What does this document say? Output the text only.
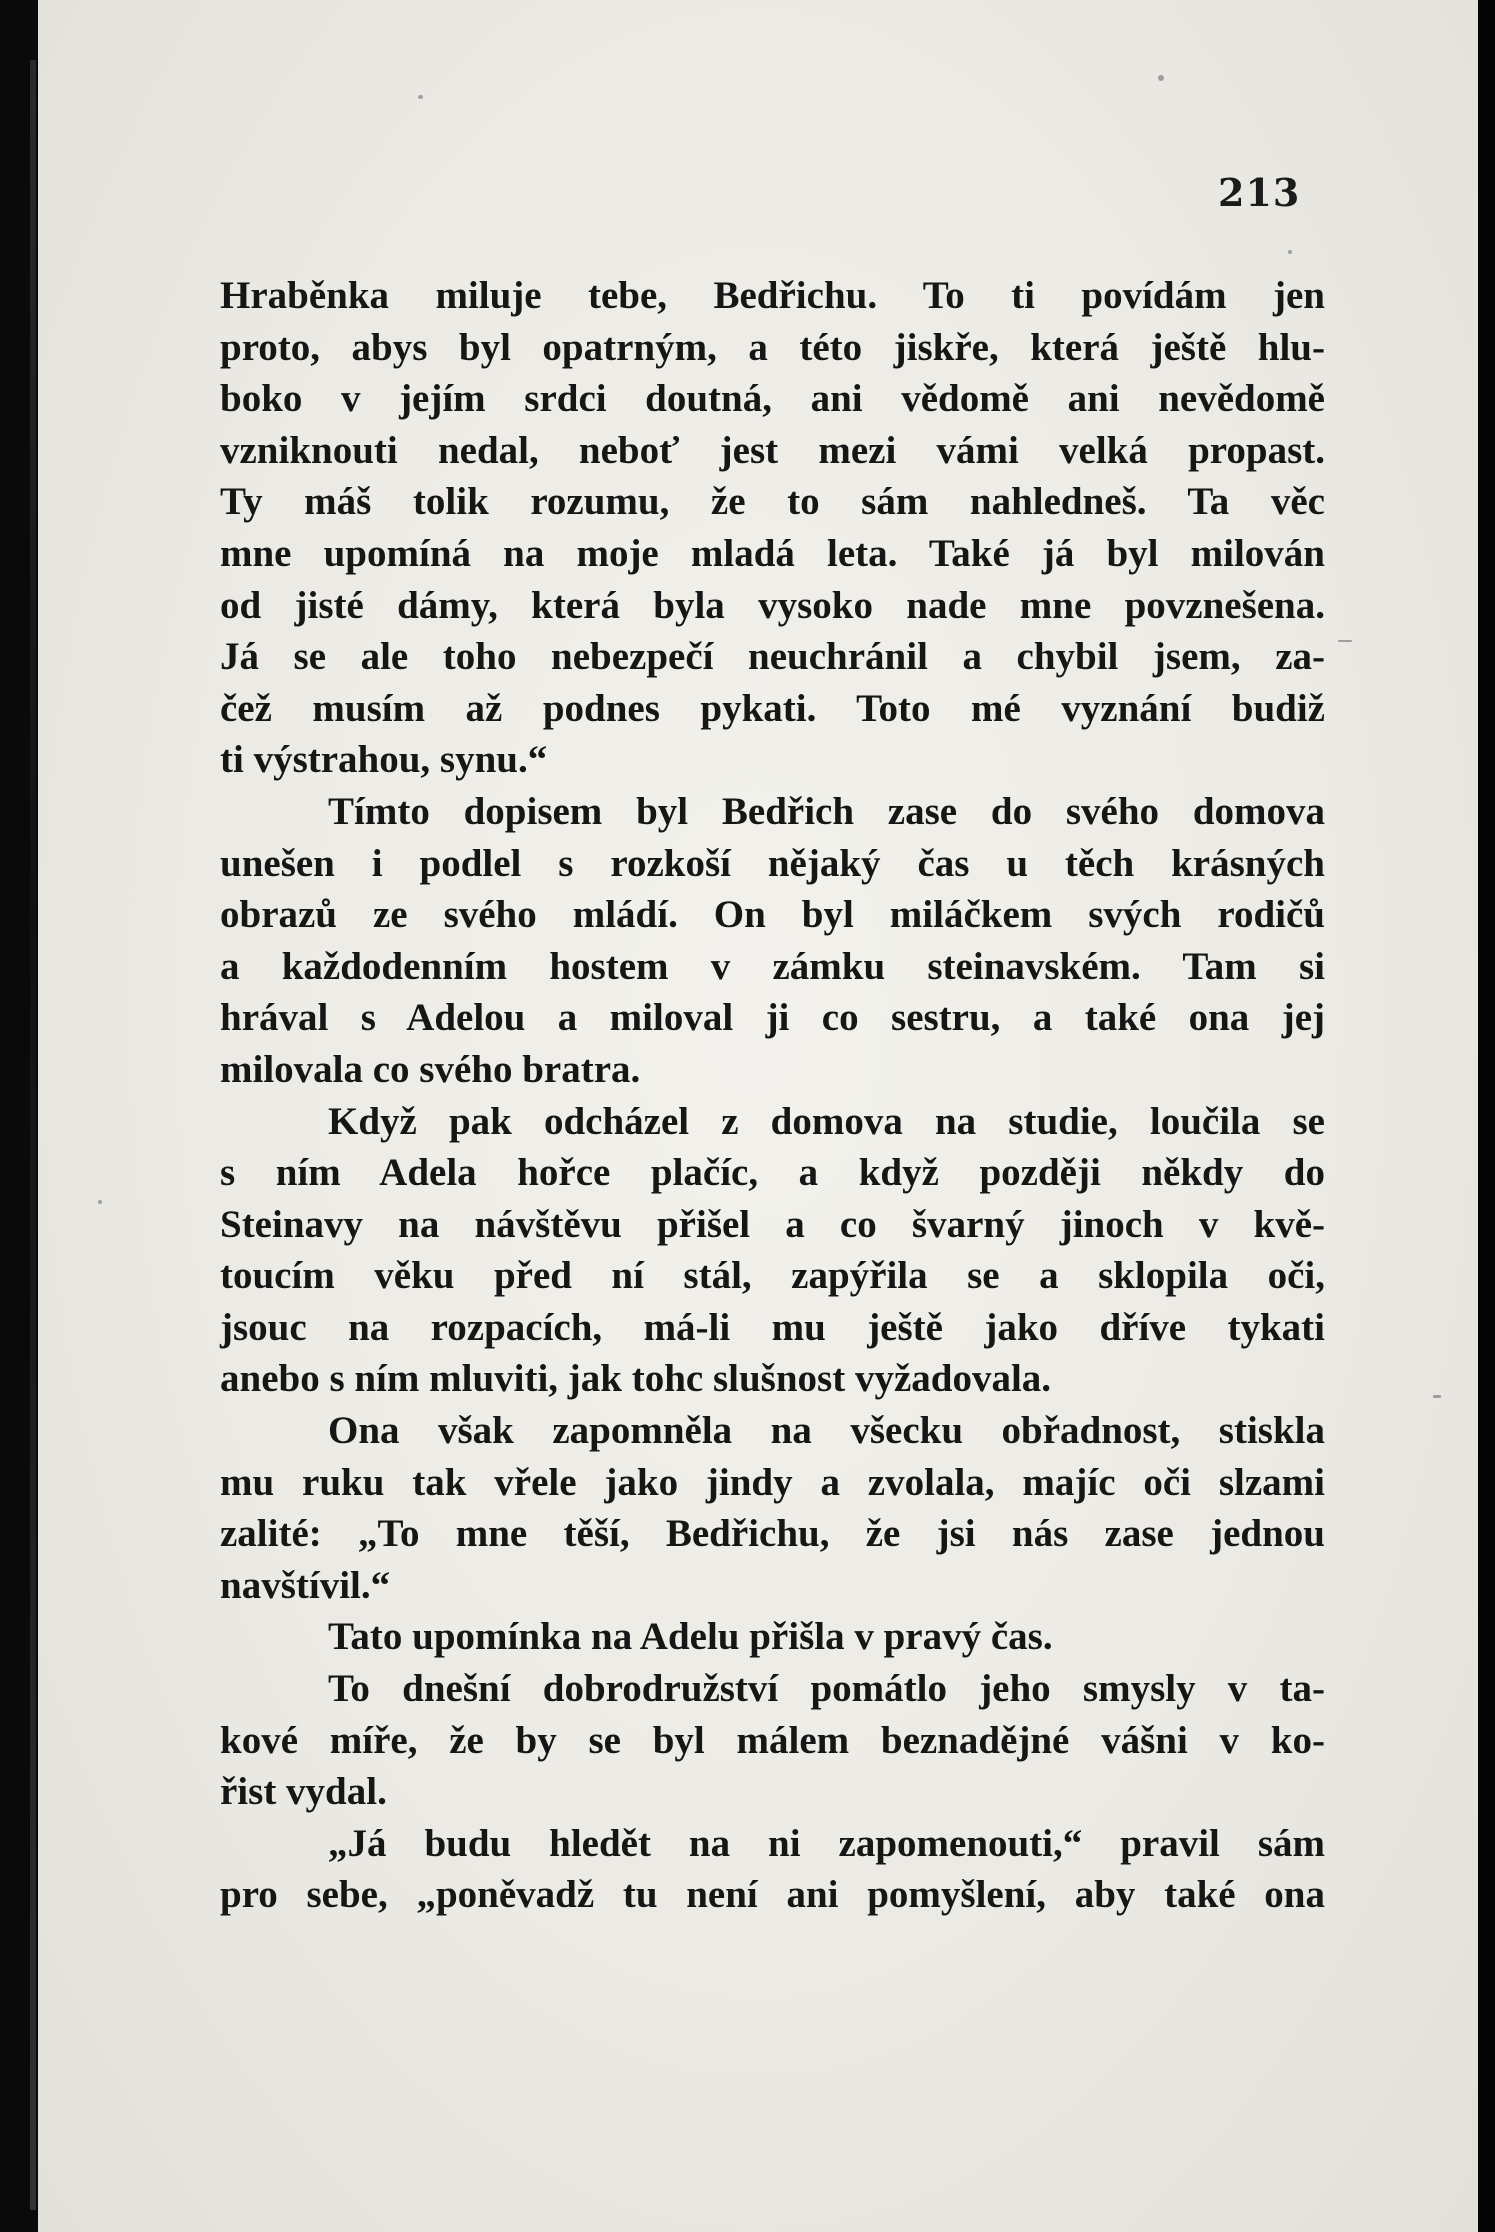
213
Hraběnka miluje tebe, Bedřichu. To ti povídám jen
proto, abys byl opatrným, a této jiskře, která ještě hlu-
boko v jejím srdci doutná, ani vědomě ani nevědomě
vzniknouti nedal, neboť jest mezi vámi velká propast.
Ty máš tolik rozumu, že to sám nahledneš. Ta věc
mne upomíná na moje mladá leta. Také já byl milován
od jisté dámy, která byla vysoko nade mne povznešena.
Já se ale toho nebezpečí neuchránil a chybil jsem, za-
čež musím až podnes pykati. Toto mé vyznání budiž
ti výstrahou, synu.“
Tímto dopisem byl Bedřich zase do svého domova
unešen i podlel s rozkoší nějaký čas u těch krásných
obrazů ze svého mládí. On byl miláčkem svých rodičů
a každodenním hostem v zámku steinavském. Tam si
hrával s Adelou a miloval ji co sestru, a také ona jej
milovala co svého bratra.
Když pak odcházel z domova na studie, loučila se
s ním Adela hořce plačíc, a když později někdy do
Steinavy na návštěvu přišel a co švarný jinoch v kvě-
toucím věku před ní stál, zapýřila se a sklopila oči,
jsouc na rozpacích, má-li mu ještě jako dříve tykati
anebo s ním mluviti, jak tohc slušnost vyžadovala.
Ona však zapomněla na všecku obřadnost, stiskla
mu ruku tak vřele jako jindy a zvolala, majíc oči slzami
zalité: „To mne těší, Bedřichu, že jsi nás zase jednou
navštívil.“
Tato upomínka na Adelu přišla v pravý čas.
To dnešní dobrodružství pomátlo jeho smysly v ta-
kové míře, že by se byl málem beznadějné vášni v ko-
řist vydal.
„Já budu hledět na ni zapomenouti,“ pravil sám
pro sebe, „poněvadž tu není ani pomyšlení, aby také ona
